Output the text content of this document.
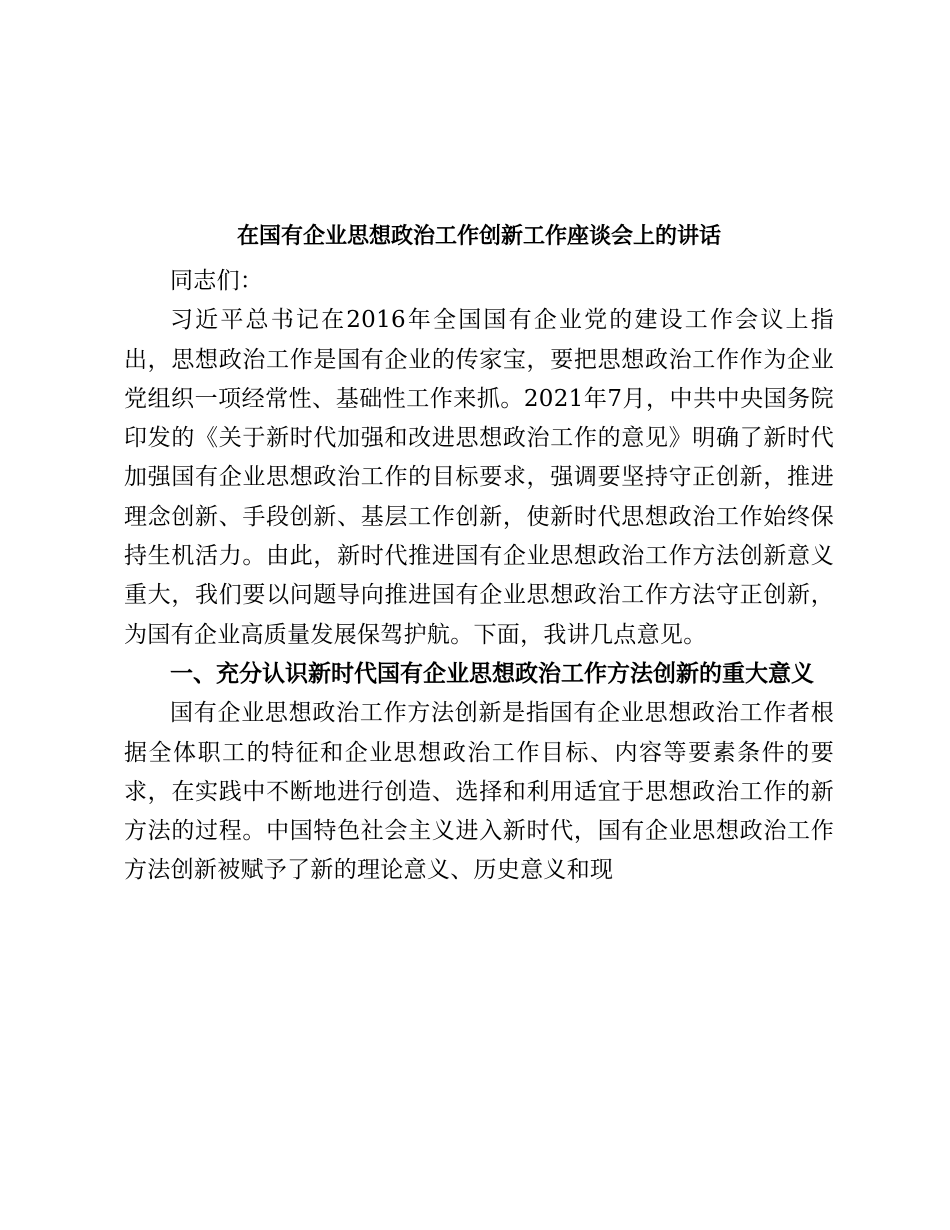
在国有企业思想政治工作创新工作座谈会上的讲话

同志们：

习近平总书记在2016年全国国有企业党的建设工作会议上指出，思想政治工作是国有企业的传家宝，要把思想政治工作作为企业党组织一项经常性、基础性工作来抓。2021年7月，中共中央国务院印发的《关于新时代加强和改进思想政治工作的意见》明确了新时代加强国有企业思想政治工作的目标要求，强调要坚持守正创新，推进理念创新、手段创新、基层工作创新，使新时代思想政治工作始终保持生机活力。由此，新时代推进国有企业思想政治工作方法创新意义重大，我们要以问题导向推进国有企业思想政治工作方法守正创新，为国有企业高质量发展保驾护航。下面，我讲几点意见。

一、充分认识新时代国有企业思想政治工作方法创新的重大意义

国有企业思想政治工作方法创新是指国有企业思想政治工作者根据全体职工的特征和企业思想政治工作目标、内容等要素条件的要求，在实践中不断地进行创造、选择和利用适宜于思想政治工作的新方法的过程。中国特色社会主义进入新时代，国有企业思想政治工作方法创新被赋予了新的理论意义、历史意义和现
